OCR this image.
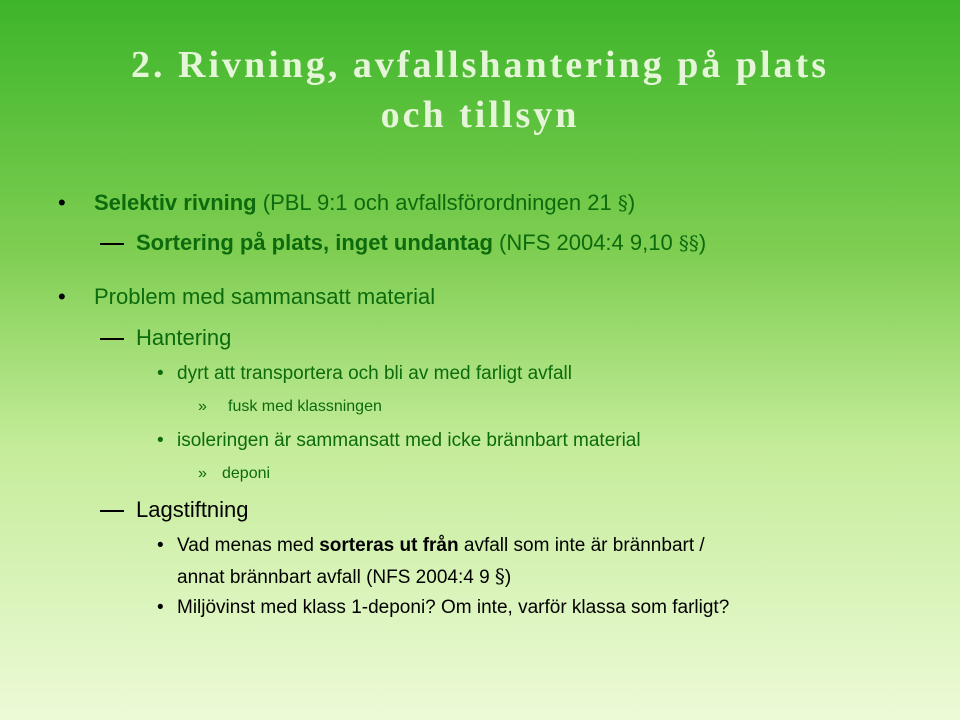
2. Rivning, avfallshantering på plats
och tillsyn
• Selektiv rivning (PBL 9:1 och avfallsförordningen 21 §)
Sortering på plats, inget undantag (NFS 2004:4 9,10 §§)
• Problem med sammansatt material
Hantering
• dyrt att transportera och bli av med farligt avfall
» fusk med klassningen
• isoleringen är sammansatt med icke brännbart material
» deponi
Lagstiftning
• Vad menas med sorteras ut från avfall som inte är brännbart /
annat brännbart avfall (NFS 2004:4 9 §)
• Miljövinst med klass 1-deponi? Om inte, varför klassa som farligt?
